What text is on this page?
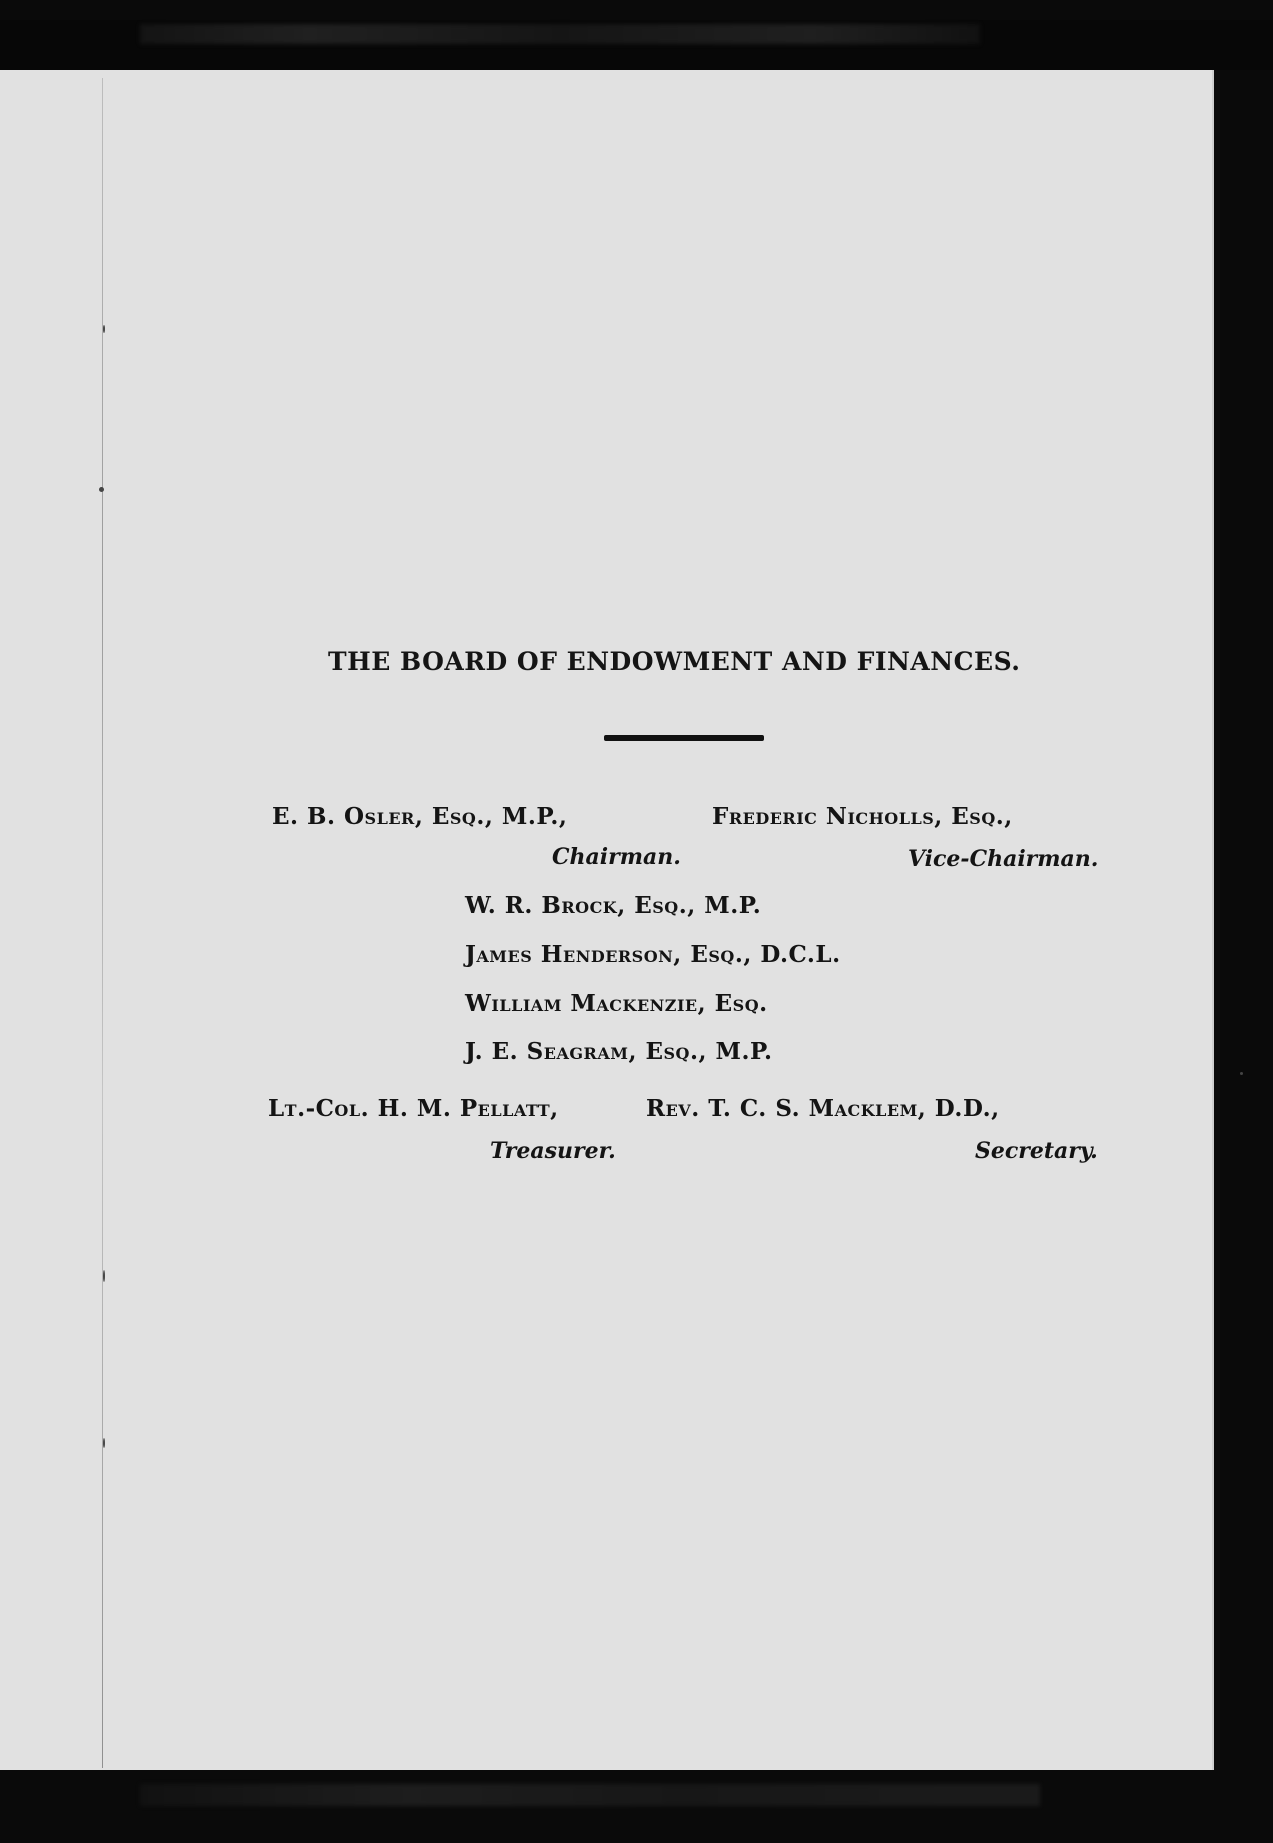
THE BOARD OF ENDOWMENT AND FINANCES.
E. B. Osler, Esq., M.P.,
Chairman.
Frederic Nicholls, Esq.,
Vice-Chairman.
W. R. Brock, Esq., M.P.
James Henderson, Esq., D.C.L.
William Mackenzie, Esq.
J. E. Seagram, Esq., M.P.
Lt.-Col. H. M. Pellatt,
Treasurer.
Rev. T. C. S. Macklem, D.D.,
Secretary.
